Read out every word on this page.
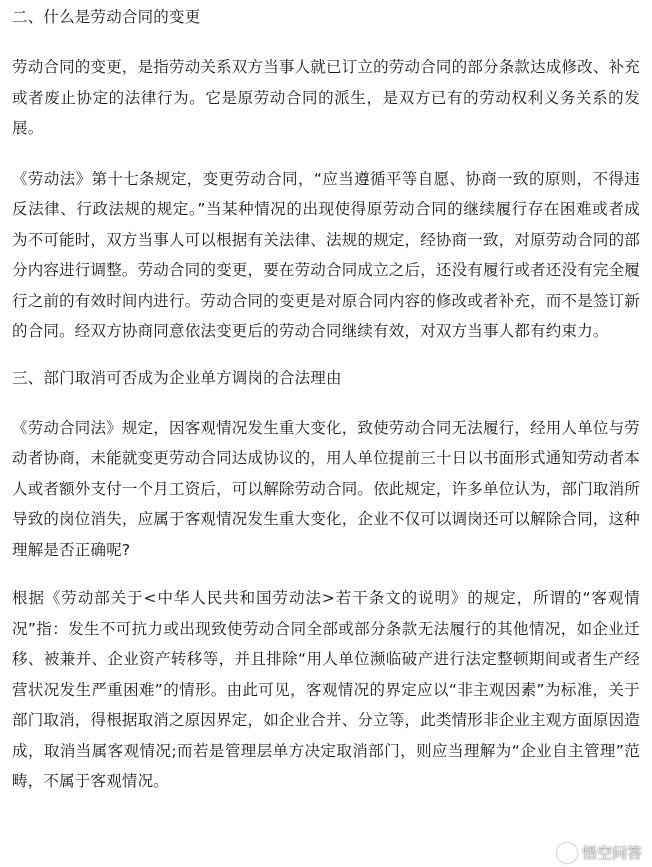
二、什么是劳动合同的变更

劳动合同的变更，是指劳动关系双方当事人就已订立的劳动合同的部分条款达成修改、补充或者废止协定的法律行为。它是原劳动合同的派生，是双方已有的劳动权利义务关系的发展。

《劳动法》第十七条规定，变更劳动合同，“应当遵循平等自愿、协商一致的原则，不得违反法律、行政法规的规定。”当某种情况的出现使得原劳动合同的继续履行存在困难或者成为不可能时，双方当事人可以根据有关法律、法规的规定，经协商一致，对原劳动合同的部分内容进行调整。劳动合同的变更，要在劳动合同成立之后，还没有履行或者还没有完全履行之前的有效时间内进行。劳动合同的变更是对原合同内容的修改或者补充，而不是签订新的合同。经双方协商同意依法变更后的劳动合同继续有效，对双方当事人都有约束力。

三、部门取消可否成为企业单方调岗的合法理由

《劳动合同法》规定，因客观情况发生重大变化，致使劳动合同无法履行，经用人单位与劳动者协商，未能就变更劳动合同达成协议的，用人单位提前三十日以书面形式通知劳动者本人或者额外支付一个月工资后，可以解除劳动合同。依此规定，许多单位认为，部门取消所导致的岗位消失，应属于客观情况发生重大变化，企业不仅可以调岗还可以解除合同，这种理解是否正确呢?

根据《劳动部关于<中华人民共和国劳动法>若干条文的说明》的规定，所谓的“客观情况”指：发生不可抗力或出现致使劳动合同全部或部分条款无法履行的其他情况，如企业迁移、被兼并、企业资产转移等，并且排除“用人单位濒临破产进行法定整顿期间或者生产经营状况发生严重困难”的情形。由此可见，客观情况的界定应以“非主观因素”为标准，关于部门取消，得根据取消之原因界定，如企业合并、分立等，此类情形非企业主观方面原因造成，取消当属客观情况;而若是管理层单方决定取消部门，则应当理解为“企业自主管理”范畴，不属于客观情况。

悟空问答
